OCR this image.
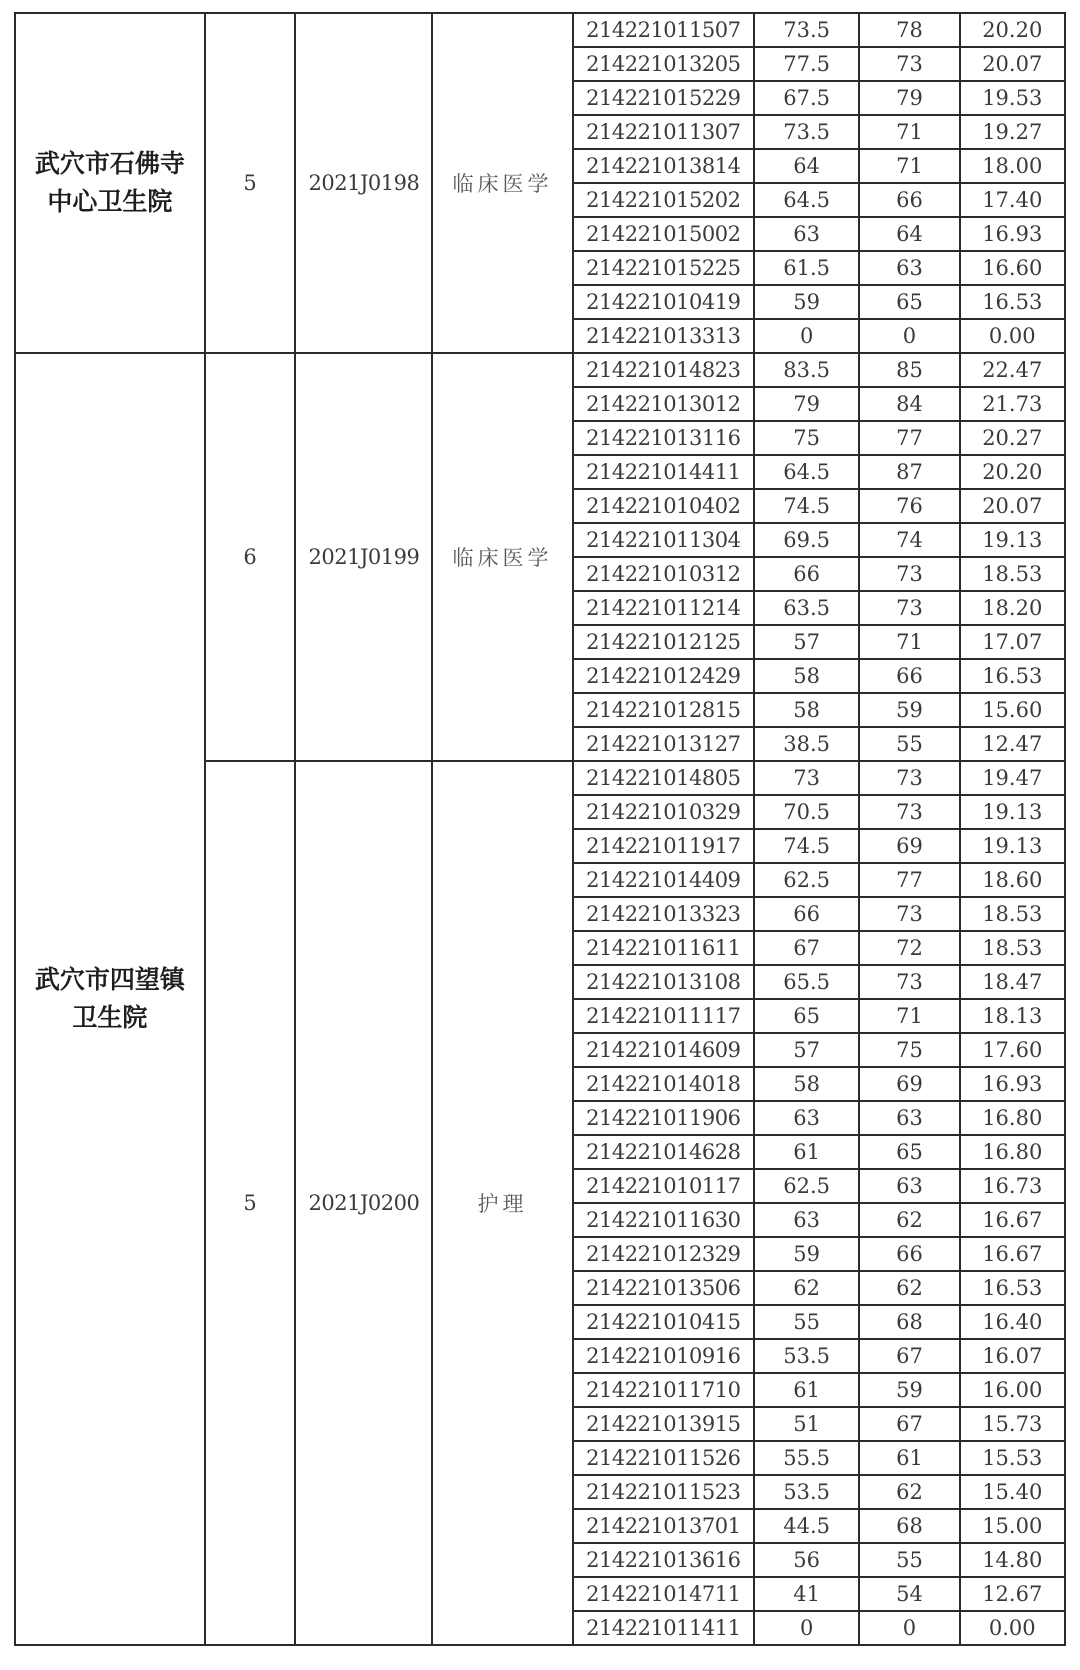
武穴市石佛寺
中心卫生院	5	2021J0198	临床医学	214221011507	73.5	78	20.20
				214221013205	77.5	73	20.07
				214221015229	67.5	79	19.53
				214221011307	73.5	71	19.27
				214221013814	64	71	18.00
				214221015202	64.5	66	17.40
				214221015002	63	64	16.93
				214221015225	61.5	63	16.60
				214221010419	59	65	16.53
				214221013313	0	0	0.00

武穴市四望镇
卫生院	6	2021J0199	临床医学	214221014823	83.5	85	22.47
				214221013012	79	84	21.73
				214221013116	75	77	20.27
				214221014411	64.5	87	20.20
				214221010402	74.5	76	20.07
				214221011304	69.5	74	19.13
				214221010312	66	73	18.53
				214221011214	63.5	73	18.20
				214221012125	57	71	17.07
				214221012429	58	66	16.53
				214221012815	58	59	15.60
				214221013127	38.5	55	12.47
	5	2021J0200	护理	214221014805	73	73	19.47
				214221010329	70.5	73	19.13
				214221011917	74.5	69	19.13
				214221014409	62.5	77	18.60
				214221013323	66	73	18.53
				214221011611	67	72	18.53
				214221013108	65.5	73	18.47
				214221011117	65	71	18.13
				214221014609	57	75	17.60
				214221014018	58	69	16.93
				214221011906	63	63	16.80
				214221014628	61	65	16.80
				214221010117	62.5	63	16.73
				214221011630	63	62	16.67
				214221012329	59	66	16.67
				214221013506	62	62	16.53
				214221010415	55	68	16.40
				214221010916	53.5	67	16.07
				214221011710	61	59	16.00
				214221013915	51	67	15.73
				214221011526	55.5	61	15.53
				214221011523	53.5	62	15.40
				214221013701	44.5	68	15.00
				214221013616	56	55	14.80
				214221014711	41	54	12.67
				214221011411	0	0	0.00
